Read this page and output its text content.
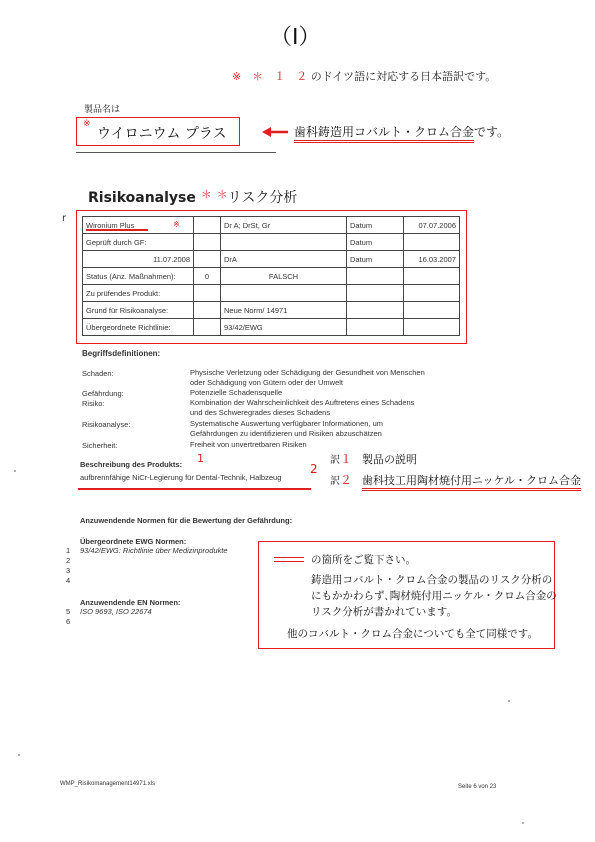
（Ⅰ）
※　＊　１　２ のドイツ語に対応する日本語訳です。
製品名は
※
ウイロニウム プラス	歯科鋳造用コバルト・クロム合金です。
Risikoanalyse ＊ ＊リスク分析
r
Wironium Plus ※		Dr A; DrSt, Gr	Datum	07.07.2006
Geprüft durch GF:			Datum	
11.07.2008		DrA	Datum	16.03.2007
Status (Anz. Maßnahmen):	0	FALSCH		
Zu prüfendes Produkt:				
Grund für Risikoanalyse:		Neue Norm/ 14971		
Übergeordnete Richtlinie:		93/42/EWG		
Begriffsdefinitionen:
Schaden:	Physische Verletzung oder Schädigung der Gesundheit von Menschen
oder Schädigung von Gütern oder der Umwelt
Gefährdung:	Potenzielle Schadensquelle
Risiko:	Kombination der Wahrscheinlichkeit des Auftretens eines Schadens
und des Schweregrades dieses Schadens
Risikoanalyse:	Systematische Auswertung verfügbarer Informationen, um
Gefährdungen zu identifizieren und Risiken abzuschätzen
Sicherheit:	Freiheit von unvertretbaren Risiken
Beschreibung des Produkts: 1
aufbrennfähige NiCr-Legierung für Dental-Technik, Halbzeug
2
訳１ 製品の説明
訳２ 歯科技工用陶材焼付用ニッケル・クロム合金
Anzuwendende Normen für die Bewertung der Gefährdung:
Übergeordnete EWG Normen:
93/42/EWG: Richtlinie über Medizinprodukte
1
2
3
4
Anzuwendende EN Normen:
ISO 9693, ISO 22674
5
6
の箇所をご覧下さい。
鋳造用コバルト・クロム合金の製品のリスク分析の
にもかかわらず､陶材焼付用ニッケル・クロム合金の
リスク分析が書かれています。
他のコバルト・クロム合金についても全て同様です。
WMP_Risikomanagement14971.xls	Seite 6 von 23
